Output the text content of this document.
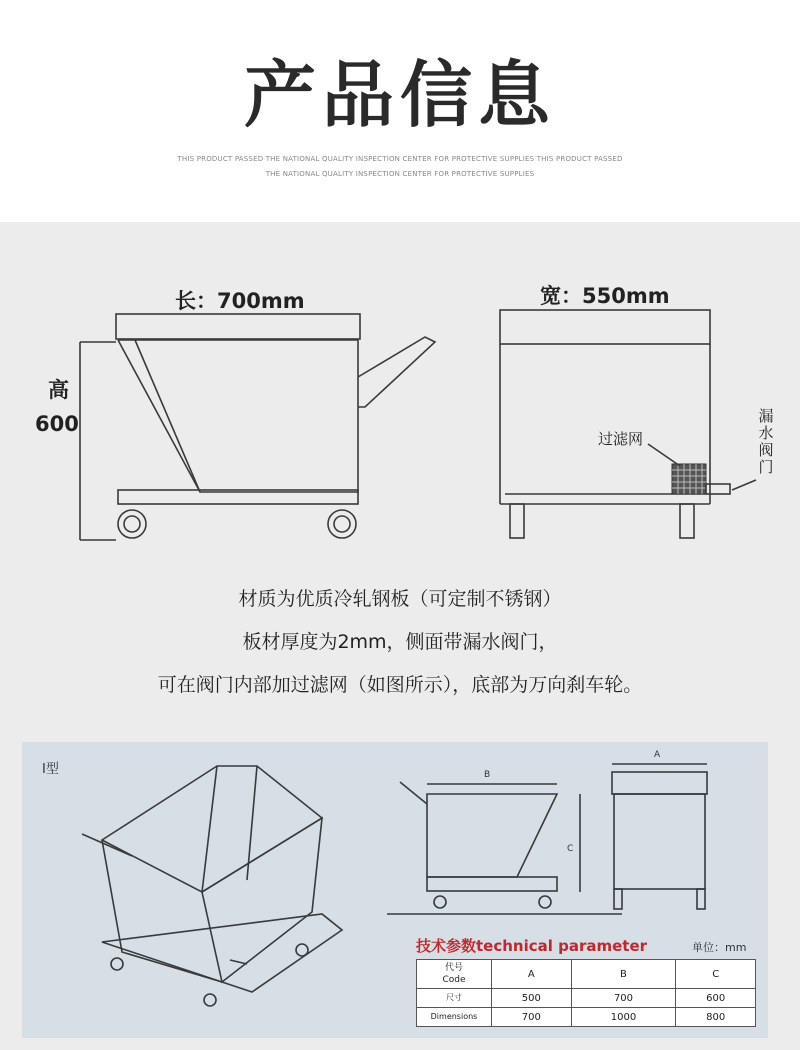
产品信息
THIS PRODUCT PASSED THE NATIONAL QUALITY INSPECTION CENTER FOR PROTECTIVE SUPPLIES THIS PRODUCT PASSED
THE NATIONAL QUALITY INSPECTION CENTER FOR PROTECTIVE SUPPLIES
长：700mm	宽：550mm
高
600
过滤网
漏水阀门
材质为优质冷轧钢板（可定制不锈钢）
板材厚度为2mm，侧面带漏水阀门，
可在阀门内部加过滤网（如图所示），底部为万向刹车轮。
I型	B
A
C
技术参数technical parameter	单位：mm
代号
Code	A	B	C
尺寸	500	700	600
Dimensions	700	1000	800
